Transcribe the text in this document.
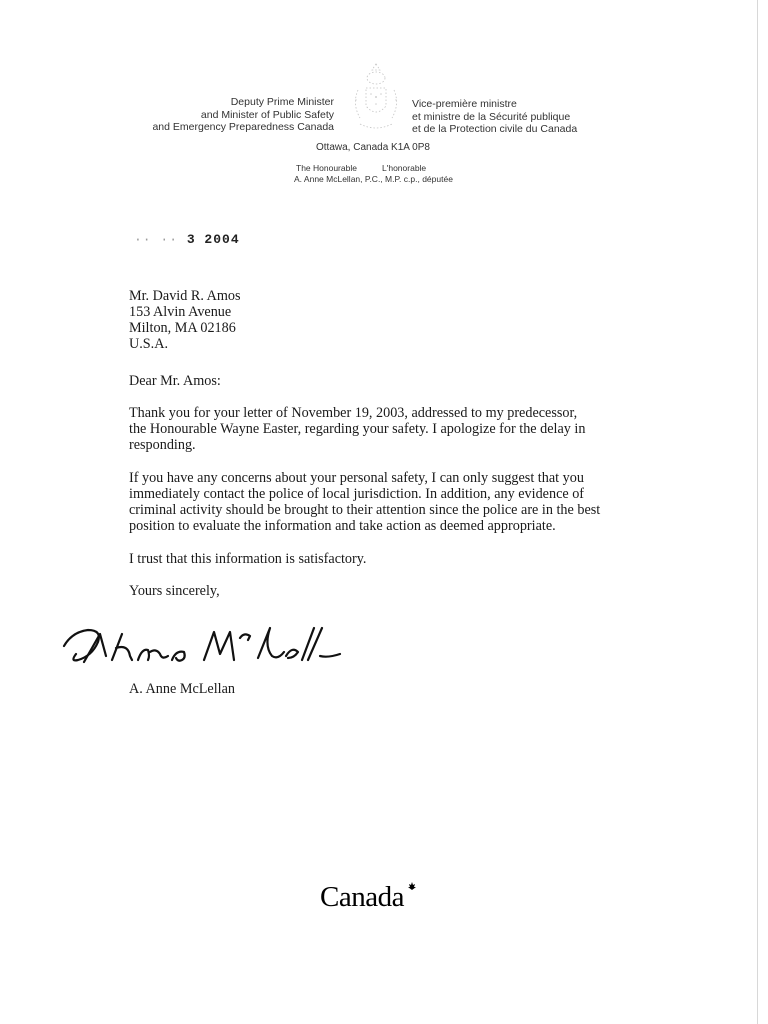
Deputy Prime Minister
and Minister of Public Safety
and Emergency Preparedness Canada
Vice-première ministre
et ministre de la Sécurité publique
et de la Protection civile du Canada
Ottawa, Canada K1A 0P8
The Honourable	L'honorable
A. Anne McLellan, P.C., M.P. c.p., députée
·· ·· 3 2004
Mr. David R. Amos
153 Alvin Avenue
Milton, MA 02186
U.S.A.
Dear Mr. Amos:
Thank you for your letter of November 19, 2003, addressed to my predecessor,
the Honourable Wayne Easter, regarding your safety. I apologize for the delay in
responding.
If you have any concerns about your personal safety, I can only suggest that you
immediately contact the police of local jurisdiction. In addition, any evidence of
criminal activity should be brought to their attention since the police are in the best
position to evaluate the information and take action as deemed appropriate.
I trust that this information is satisfactory.
Yours sincerely,
A. Anne McLellan
Canada
